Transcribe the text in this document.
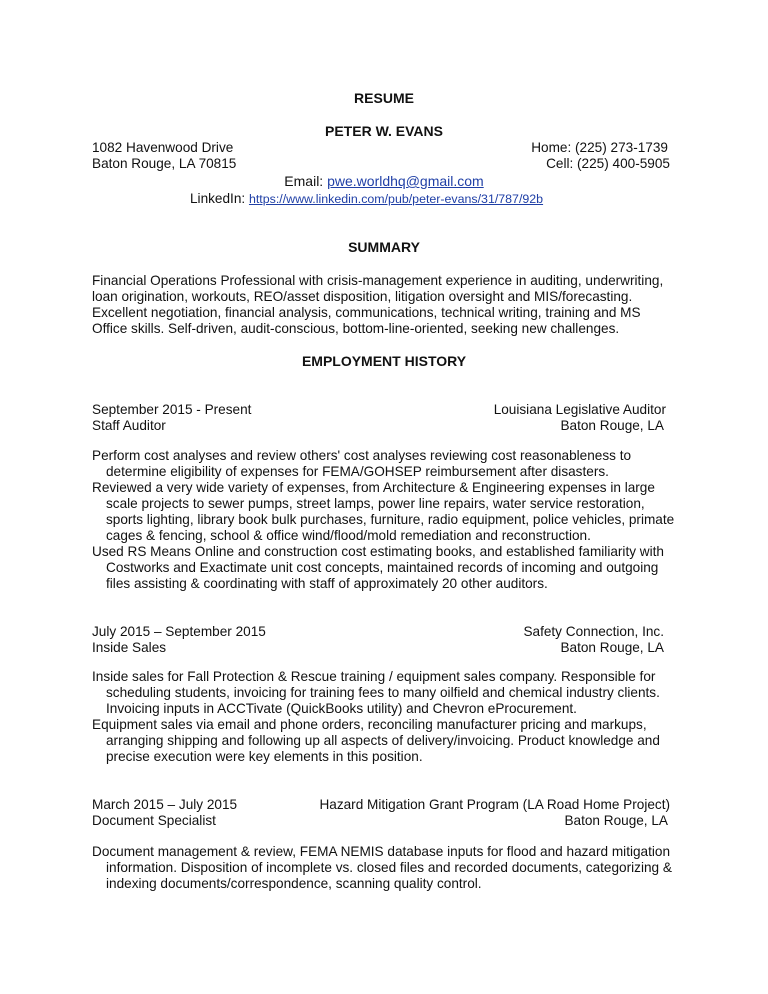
RESUME
PETER W. EVANS
1082 Havenwood Drive
Baton Rouge, LA 70815
Home: (225) 273-1739
Cell: (225) 400-5905
Email: pwe.worldhq@gmail.com
LinkedIn: https://www.linkedin.com/pub/peter-evans/31/787/92b
SUMMARY
Financial Operations Professional with crisis-management experience in auditing, underwriting,
loan origination, workouts, REO/asset disposition, litigation oversight and MIS/forecasting.
Excellent negotiation, financial analysis, communications, technical writing, training and MS
Office skills. Self-driven, audit-conscious, bottom-line-oriented, seeking new challenges.
EMPLOYMENT HISTORY
September 2015 - Present	Louisiana Legislative Auditor
Staff Auditor	Baton Rouge, LA

Perform cost analyses and review others' cost analyses reviewing cost reasonableness to determine eligibility of expenses for FEMA/GOHSEP reimbursement after disasters.

Reviewed a very wide variety of expenses, from Architecture & Engineering expenses in large scale projects to sewer pumps, street lamps, power line repairs, water service restoration, sports lighting, library book bulk purchases, furniture, radio equipment, police vehicles, primate cages & fencing, school & office wind/flood/mold remediation and reconstruction.

Used RS Means Online and construction cost estimating books, and established familiarity with Costworks and Exactimate unit cost concepts, maintained records of incoming and outgoing files assisting & coordinating with staff of approximately 20 other auditors.

July 2015 – September 2015	Safety Connection, Inc.
Inside Sales	Baton Rouge, LA

Inside sales for Fall Protection & Rescue training / equipment sales company. Responsible for scheduling students, invoicing for training fees to many oilfield and chemical industry clients. Invoicing inputs in ACCTivate (QuickBooks utility) and Chevron eProcurement.

Equipment sales via email and phone orders, reconciling manufacturer pricing and markups, arranging shipping and following up all aspects of delivery/invoicing. Product knowledge and precise execution were key elements in this position.

March 2015 – July 2015	Hazard Mitigation Grant Program (LA Road Home Project)
Document Specialist	Baton Rouge, LA

Document management & review, FEMA NEMIS database inputs for flood and hazard mitigation information. Disposition of incomplete vs. closed files and recorded documents, categorizing & indexing documents/correspondence, scanning quality control.
